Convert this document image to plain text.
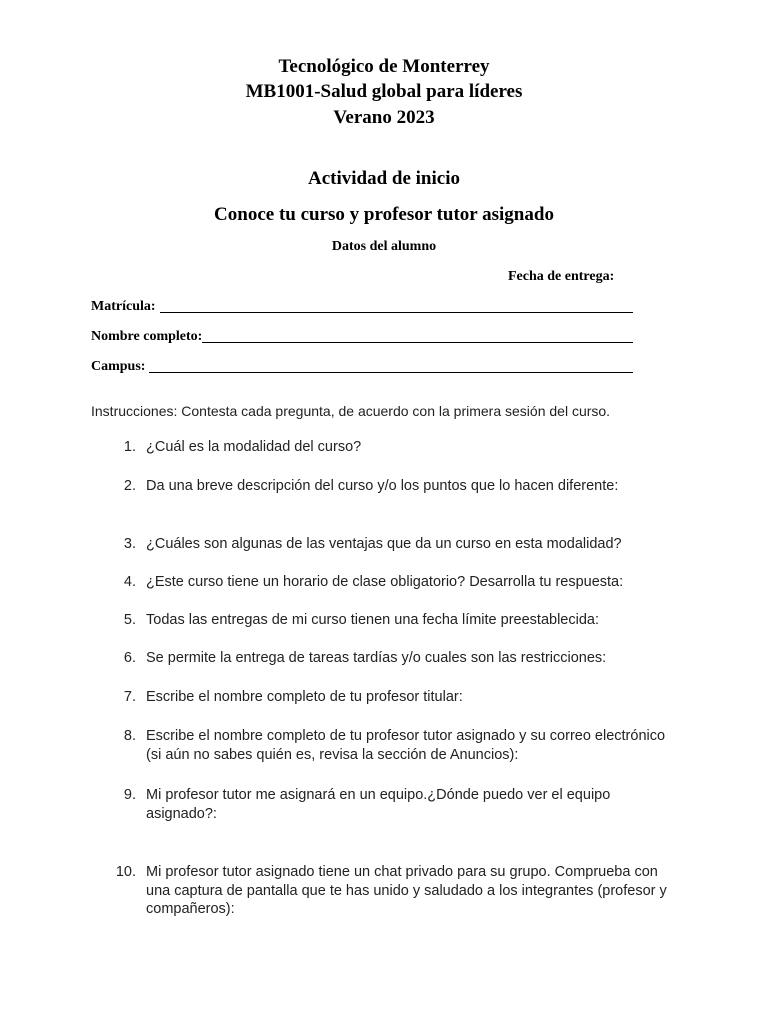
Tecnológico de Monterrey
MB1001-Salud global para líderes
Verano 2023
Actividad de inicio
Conoce tu curso y profesor tutor asignado
Datos del alumno
Fecha de entrega:
Matrícula:
Nombre completo:
Campus:
Instrucciones: Contesta cada pregunta, de acuerdo con la primera sesión del curso.
1. ¿Cuál es la modalidad del curso?
2. Da una breve descripción del curso y/o los puntos que lo hacen diferente:
3. ¿Cuáles son algunas de las ventajas que da un curso en esta modalidad?
4. ¿Este curso tiene un horario de clase obligatorio? Desarrolla tu respuesta:
5. Todas las entregas de mi curso tienen una fecha límite preestablecida:
6. Se permite la entrega de tareas tardías y/o cuales son las restricciones:
7. Escribe el nombre completo de tu profesor titular:
8. Escribe el nombre completo de tu profesor tutor asignado y su correo electrónico
(si aún no sabes quién es, revisa la sección de Anuncios):
9. Mi profesor tutor me asignará en un equipo.¿Dónde puedo ver el equipo
asignado?:
10. Mi profesor tutor asignado tiene un chat privado para su grupo. Comprueba con
una captura de pantalla que te has unido y saludado a los integrantes (profesor y
compañeros):
